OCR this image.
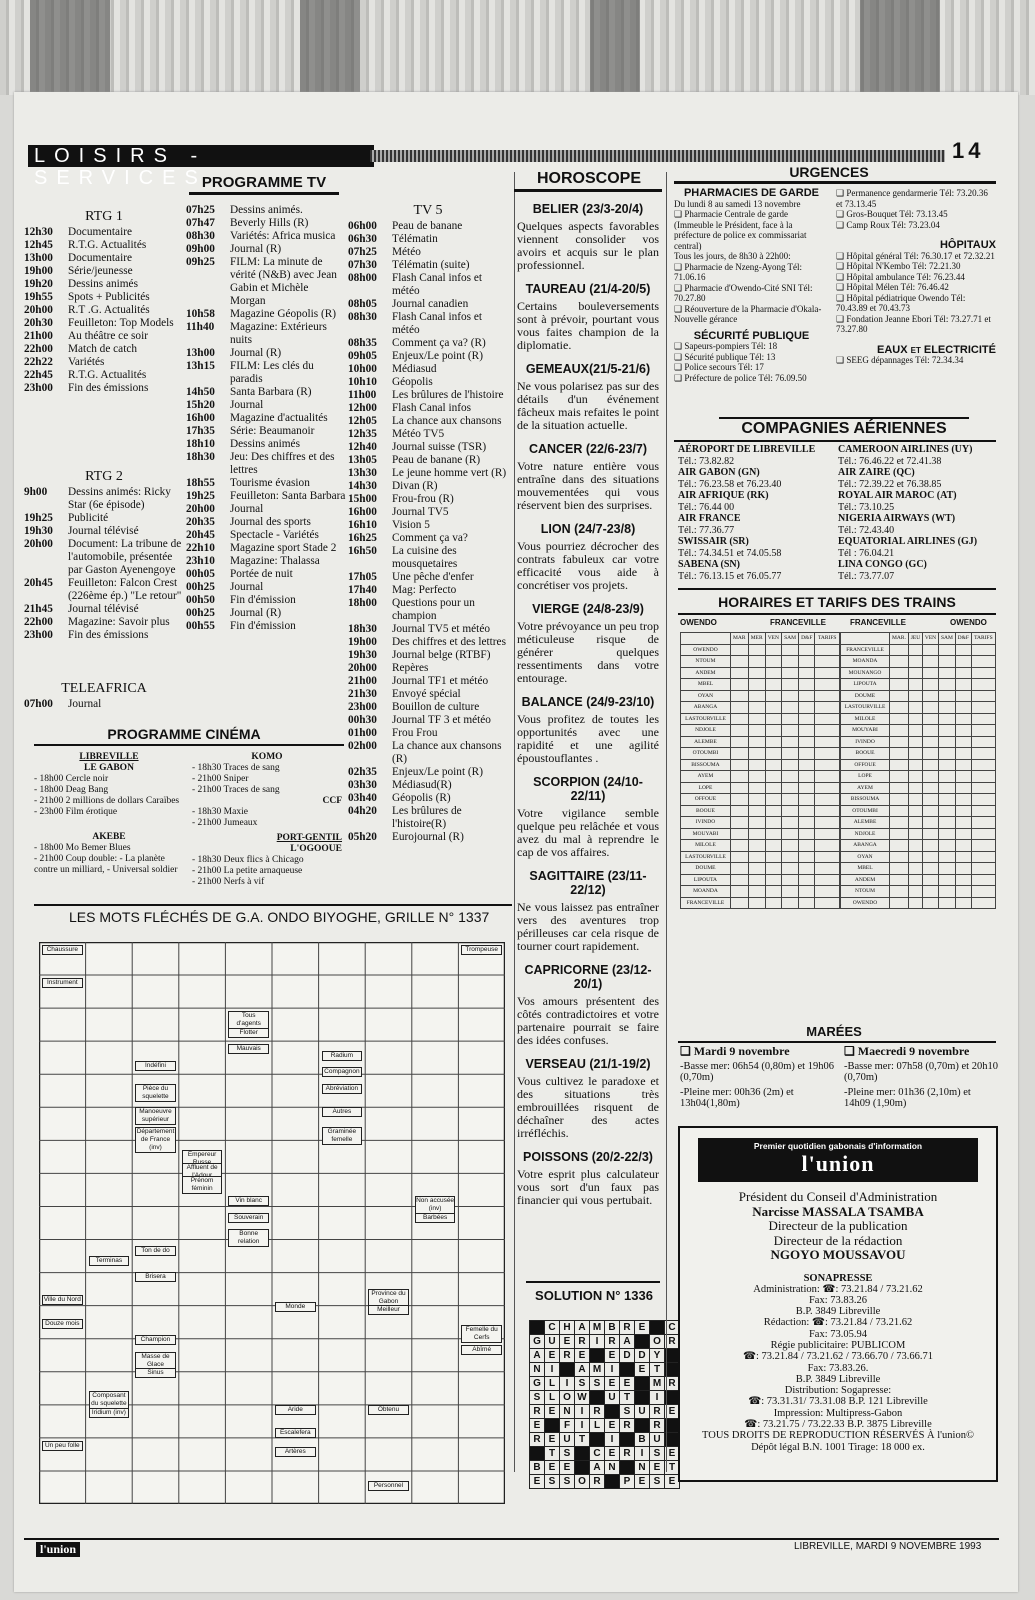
LOISIRS - SERVICES
14
PROGRAMME TV
RTG 1
12h30	Documentaire
12h45	R.T.G. Actualités
13h00	Documentaire
19h00	Série/jeunesse
19h20	Dessins animés
19h55	Spots + Publicités
20h00	R.T .G. Actualités
20h30	Feuilleton: Top Models
21h00	Au théâtre ce soir
22h00	Match de catch
22h22	Variétés
22h45	R.T.G. Actualités
23h00	Fin des émissions
RTG 2
9h00	Dessins animés: Ricky Star (6e épisode)
19h25	Publicité
19h30	Journal télévisé
20h00	Document: La tribune de l'automobile, présentée par Gaston Ayenengoye
20h45	Feuilleton: Falcon Crest (226ème ép.) "Le retour"
21h45	Journal télévisé
22h00	Magazine: Savoir plus
23h00	Fin des émissions
TELEAFRICA
07h00	Journal
07h25	Dessins animés.
07h47	Beverly Hills (R)
08h30	Variétés: Africa musica
09h00	Journal (R)
09h25	FILM: La minute de vérité (N&B) avec Jean Gabin et Michèle Morgan
10h58	Magazine Géopolis (R)
11h40	Magazine: Extérieurs nuits
13h00	Journal (R)
13h15	FILM: Les clés du paradis
14h50	Santa Barbara (R)
15h20	Journal
16h00	Magazine d'actualités
17h35	Série: Beaumanoir
18h10	Dessins animés
18h30	Jeu: Des chiffres et des lettres
18h55	Tourisme évasion
19h25	Feuilleton: Santa Barbara
20h00	Journal
20h35	Journal des sports
20h45	Spectacle - Variétés
22h10	Magazine sport Stade 2
23h10	Magazine: Thalassa
00h05	Portée de nuit
00h25	Journal
00h50	Fin d'émission
00h25	Journal (R)
00h55	Fin d'émission
TV 5
06h00	Peau de banane
06h30	Télématin
07h25	Météo
07h30	Télématin (suite)
08h00	Flash Canal infos et météo
08h05	Journal canadien
08h30	Flash Canal infos et météo
08h35	Comment ça va? (R)
09h05	Enjeux/Le point (R)
10h00	Médiasud
10h10	Géopolis
11h00	Les brûlures de l'histoire
12h00	Flash Canal infos
12h05	La chance aux chansons
12h35	Météo TV5
12h40	Journal suisse (TSR)
13h05	Peau de banane (R)
13h30	Le jeune homme vert (R)
14h30	Divan (R)
15h00	Frou-frou (R)
16h00	Journal TV5
16h10	Vision 5
16h25	Comment ça va?
16h50	La cuisine des mousquetaires
17h05	Une pêche d'enfer
17h40	Mag: Perfecto
18h00	Questions pour un champion
18h30	Journal TV5 et météo
19h00	Des chiffres et des lettres
19h30	Journal belge (RTBF)
20h00	Repères
21h00	Journal TF1 et météo
21h30	Envoyé spécial
23h00	Bouillon de culture
00h30	Journal TF 3 et météo
01h00	Frou Frou
02h00	La chance aux chansons (R)
02h35	Enjeux/Le point (R)
03h30	Médiasud(R)
03h40	Géopolis (R)
04h20	Les brûlures de l'histoire(R)
05h20	Eurojournal (R)
PROGRAMME CINÉMA
LIBREVILLE
LE GABON
- 18h00 Cercle noir
- 18h00 Deag Bang
- 21h00 2 millions de dollars Caraïbes
- 23h00 Film érotique
AKEBE
- 18h00 Mo Bemer Blues
- 21h00 Coup double: - La planète contre un milliard, - Universal soldier
KOMO
- 18h30 Traces de sang
- 21h00 Sniper
- 21h00 Traces de sang
CCF
- 18h30 Maxie
- 21h00 Jumeaux
PORT-GENTIL
L'OGOOUE
- 18h30 Deux flics à Chicago
- 21h00 La petite arnaqueuse
- 21h00 Nerfs à vif
LES MOTS FLÉCHÉS DE G.A. ONDO BIYOGHE, GRILLE N° 1337
Chaussure
Instrument
Trompeuse
Tous d'agents
Flotter
Mauvais
Indéfini
Radium
Compagnon
Abréviation
Pièce du squelette
Manoeuvre supérieur
Autres
Département de France (inv)
Graminée femelle
Empereur
Affluent de
Prénom féminin
Vin blanc	Non accusée (inv)
Souverain	Barbées
Bonne relation
Ton de do
Terminas
Brisera
Province du Gabon
Ville du Nord
Monde	Meilleur
Douze mois
Femelle du Cerfs
Champion
Abîmé
Masse de Glace
Sinus
Composant du squelette
Iridium (inv)	Aride	Obtenu
Un peu folle
Escalefera
Artères
Personnel
HOROSCOPE
BELIER (23/3-20/4)
Quelques aspects favorables viennent consolider vos avoirs et acquis sur le plan professionnel.
TAUREAU (21/4-20/5)
Certains bouleversements sont à prévoir, pourtant vous vous faites champion de la diplomatie.
GEMEAUX(21/5-21/6)
Ne vous polarisez pas sur des détails d'un événement fâcheux mais refaites le point de la situation actuelle.
CANCER (22/6-23/7)
Votre nature entière vous entraîne dans des situations mouvementées qui vous réservent bien des surprises.
LION (24/7-23/8)
Vous pourriez décrocher des contrats fabuleux car votre efficacité vous aide à concrétiser vos projets.
VIERGE (24/8-23/9)
Votre prévoyance un peu trop méticuleuse risque de générer quelques ressentiments dans votre entourage.
BALANCE (24/9-23/10)
Vous profitez de toutes les opportunités avec une rapidité et une agilité époustouflantes .
SCORPION (24/10-22/11)
Votre vigilance semble quelque peu relâchée et vous avez du mal à reprendre le cap de vos affaires.
SAGITTAIRE (23/11-22/12)
Ne vous laissez pas entraîner vers des aventures trop périlleuses car cela risque de tourner court rapidement.
CAPRICORNE (23/12-20/1)
Vos amours présentent des côtés contradictoires et votre partenaire pourrait se faire des idées confuses.
VERSEAU (21/1-19/2)
Vous cultivez le paradoxe et des situations très embrouillées risquent de déchaîner des actes irréfléchis.
POISSONS (20/2-22/3)
Votre esprit plus calculateur vous sort d'un faux pas financier qui vous pertubait.
SOLUTION N° 1336
	C	H	A	M	B	R	E		C
G	U	E	R	I	R	A		O	R
A	E	R	E		E	D	D	Y	
N	I		A	M	I		E	T	
G	L	I	S	S	E	E		M	R
S	L	O	W		U	T		I	
R	E	N	I	R		S	U	R	E
E		F	I	L	E	R		R	
R	E	U	T		I		B	U	
	T	S		C	E	R	I	S	E
B	E	E		A	N		N	E	T
E	S	S	O	R		P	E	S	E
URGENCES
PHARMACIES DE GARDE
Du lundi 8 au samedi 13 novembre
❑ Pharmacie Centrale de garde (Immeuble le Président, face à la préfecture de police ex commissariat central)
Tous les jours, de 8h30 à 22h00:
❑ Pharmacie de Nzeng-Ayong Tél: 71.06.16
❑ Pharmacie d'Owendo-Cité SNI Tél: 70.27.80
❑ Réouverture de la Pharmacie d'Okala-Nouvelle gérance
SÉCURITÉ PUBLIQUE
❑ Sapeurs-pompiers Tél: 18
❑ Sécurité publique Tél: 13
❑ Police secours Tél: 17
❑ Préfecture de police Tél: 76.09.50
❑ Permanence gendarmerie Tél: 73.20.36 et 73.13.45
❑ Gros-Bouquet Tél: 73.13.45
❑ Camp Roux Tél: 73.23.04
HÔPITAUX
❑ Hôpital général Tél: 76.30.17 et 72.32.21
❑ Hôpital N'Kembo Tél: 72.21.30
❑ Hôpital ambulance Tél: 76.23.44
❑ Hôpital Mélen Tél: 76.46.42
❑ Hôpital pédiatrique Owendo Tél: 70.43.89 et 70.43.73
❑ Fondation Jeanne Ebori Tél: 73.27.71 et 73.27.80
EAUX et ELECTRICITÉ
❑ SEEG dépannages Tél: 72.34.34
COMPAGNIES AÉRIENNES
AÉROPORT DE LIBREVILLE
Tél.: 73.82.82
AIR GABON (GN)
Tél.: 76.23.58 et 76.23.40
AIR AFRIQUE (RK)
Tél.: 76.44 00
AIR FRANCE
Tél.: 77.36.77
SWISSAIR (SR)
Tél.: 74.34.51 et 74.05.58
SABENA (SN)
Tél.: 76.13.15 et 76.05.77
CAMEROON AIRLINES (UY)
Tél.: 76.46.22 et 72.41.38
AIR ZAIRE (QC)
Tél.: 72.39.22 et 76.38.85
ROYAL AIR MAROC (AT)
Tél.: 73.10.25
NIGERIA AIRWAYS (WT)
Tél.: 72.43.40
EQUATORIAL AIRLINES (GJ)
Tél : 76.04.21
LINA CONGO (GC)
Tél.: 73.77.07
HORAIRES ET TARIFS DES TRAINS
OWENDO	FRANCEVILLE	FRANCEVILLE	OWENDO
	MAR	MER	VEN	SAM	D&F	TARIFS
OWENDO						
NTOUM						
ANDEM						
MBEL						
OYAN						
ABANGA						
LASTOURVILLE						
NDJOLE						
ALEMBE						
OTOUMBI						
BISSOUMA						
AYEM						
LOPE						
OFFOUE						
BOOUE						
IVINDO						
MOUYABI						
MILOLE						
LASTOURVILLE						
DOUME						
LIPOUTA						
MOANDA						
FRANCEVILLE						
	MAR.	JEU	VEN	SAM	D&F	TARIFS
FRANCEVILLE						
MOANDA						
MOUNANGO						
LIPOUTA						
DOUME						
LASTOURVILLE						
MILOLE						
MOUYABI						
IVINDO						
BOOUE						
OFFOUE						
LOPE						
AYEM						
BISSOUMA						
OTOUMBI						
ALEMBE						
NDJOLE						
ABANGA						
OYAN						
MBEL						
ANDEM						
NTOUM						
OWENDO						
MARÉES
❑ Mardi 9 novembre
-Basse mer: 06h54 (0,80m) et 19h06 (0,70m)
-Pleine mer: 00h36 (2m) et 13h04(1,80m)
❑ Maecredi 9 novembre
-Basse mer: 07h58 (0,70m) et 20h10 (0,70m)
-Pleine mer: 01h36 (2,10m) et 14h09 (1,90m)
Premier quotidien gabonais d'information
l'union
Président du Conseil d'Administration
Narcisse MASSALA TSAMBA
Directeur de la publication
Directeur de la rédaction
NGOYO MOUSSAVOU
SONAPRESSE
Administration: ☎: 73.21.84 / 73.21.62
Fax: 73.83.26
B.P. 3849 Libreville
Rédaction: ☎: 73.21.84 / 73.21.62
Fax: 73.05.94
Régie publicitaire: PUBLICOM
☎: 73.21.84 / 73.21.62 / 73.66.70 / 73.66.71
Fax: 73.83.26.
B.P. 3849 Libreville
Distribution: Sogapresse:
☎: 73.31.31/ 73.31.08 B.P. 121 Libreville
Impression: Multipress-Gabon
☎: 73.21.75 / 73.22.33 B.P. 3875 Libreville
TOUS DROITS DE REPRODUCTION RÉSERVÉS À l'union©
Dépôt légal B.N. 1001 Tirage: 18 000 ex.
l'union	LIBREVILLE, MARDI 9 NOVEMBRE 1993
